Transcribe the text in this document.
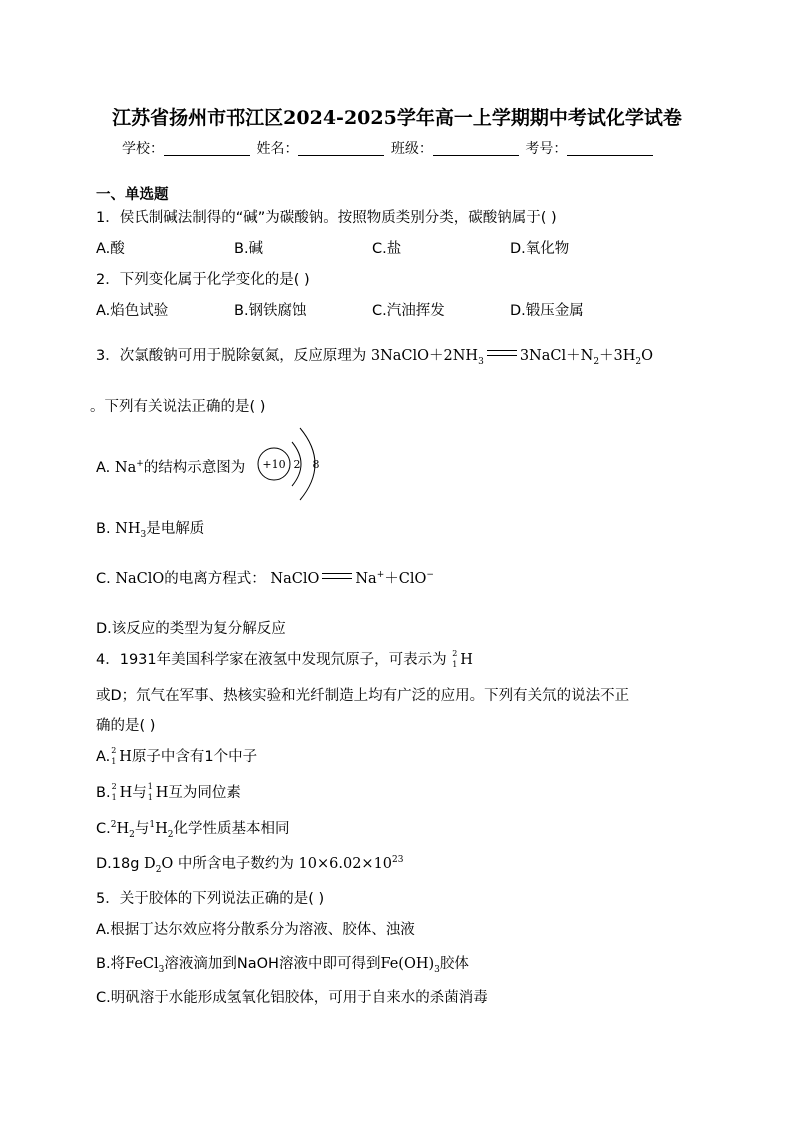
江苏省扬州市邗江区2024-2025学年高一上学期期中考试化学试卷
学校：	姓名：	班级：	考号：
一、单选题
1．侯氏制碱法制得的“碱”为碳酸钠。按照物质类别分类，碳酸钠属于( )
A.酸	B.碱	C.盐	D.氧化物
2．下列变化属于化学变化的是( )
A.焰色试验	B.钢铁腐蚀	C.汽油挥发	D.锻压金属
3．次氯酸钠可用于脱除氨氮，反应原理为 $3NaClO+2NH_3$ $3NaCl+N_2+3H_2O$
。下列有关说法正确的是( )
A. Na+的结构示意图为 +10 2 8
B. $NH_3$是电解质
C. NaClO的电离方程式： NaClO Na+＋ClO−
D.该反应的类型为复分解反应
4．1931年美国科学家在液氢中发现氘原子，可表示为 2
1 H
或D；氘气在军事、热核实验和光纤制造上均有广泛的应用。下列有关氘的说法不正
确的是( )
A. 2
1 H原子中含有1个中子
B. 2
1 H与 1
1 H互为同位素
$C.^2H_2$与$^1H_2$化学性质基本相同
D.18g $D_2O$ 中所含电子数约为 $10\times 6.02\times 10^{23}$
5．关于胶体的下列说法正确的是( )
A.根据丁达尔效应将分散系分为溶液、胶体、浊液
B.将FeCl$_3$溶液滴加到NaOH溶液中即可得到$Fe(OH)_3$胶体
C.明矾溶于水能形成氢氧化铝胶体，可用于自来水的杀菌消毒
